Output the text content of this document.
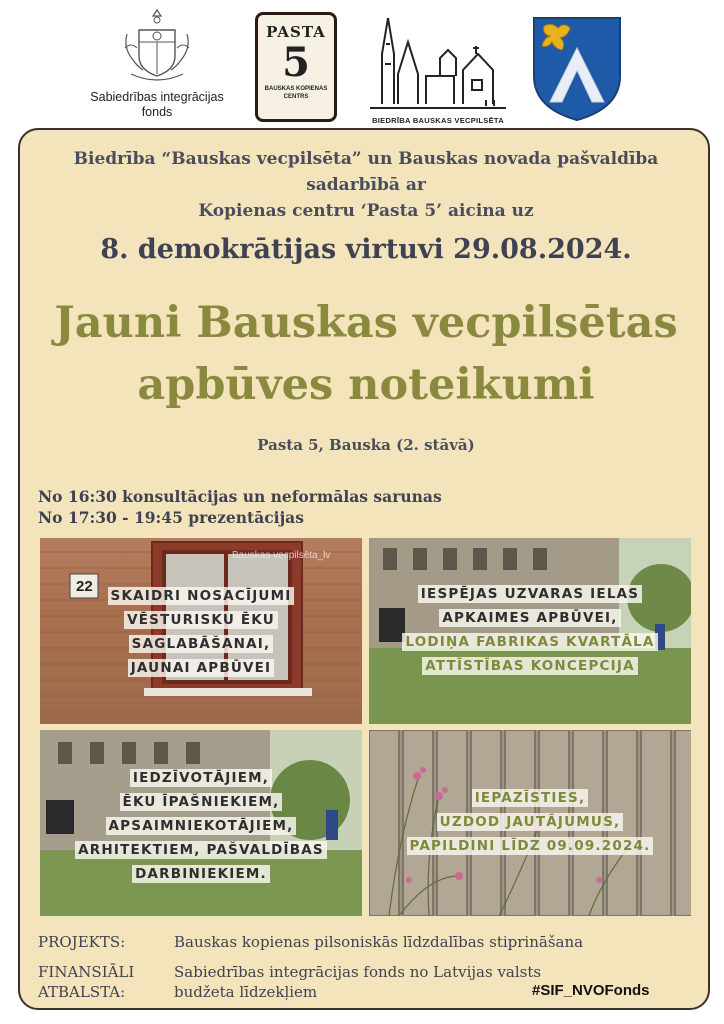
Sabiedrības integrācijas
fonds
PASTA
5
BAUSKAS KOPIENAS
CENTRS
BIEDRĪBA BAUSKAS VECPILSĒTA
Biedrība “Bauskas vecpilsēta” un Bauskas novada pašvaldība
sadarbībā ar
Kopienas centru ‘Pasta 5’ aicina uz
8. demokrātijas virtuvi 29.08.2024.
Jauni Bauskas vecpilsētas
apbūves noteikumi
Pasta 5, Bauska (2. stāvā)
No 16:30 konsultācijas un neformālas sarunas
No 17:30 - 19:45 prezentācijas
22
Bauskas vecpilsēta_lv
SKAIDRI NOSACĪJUMI
VĒSTURISKU ĒKU
SAGLABĀŠANAI,
JAUNAI APBŪVEI
IESPĒJAS UZVARAS IELAS
APKAIMES APBŪVEI,
LODIŅA FABRIKAS KVARTĀLA
ATTĪSTĪBAS KONCEPCIJA
IEDZĪVOTĀJIEM,
ĒKU ĪPAŠNIEKIEM,
APSAIMNIEKOTĀJIEM,
ARHITEKTIEM, PAŠVALDĪBAS
DARBINIEKIEM.
IEPAZĪSTIES,
UZDOD JAUTĀJUMUS,
PAPILDINI LĪDZ 09.09.2024.
PROJEKTS:	Bauskas kopienas pilsoniskās līdzdalības stiprināšana
FINANSIĀLI
ATBALSTA:
Sabiedrības integrācijas fonds no Latvijas valsts
budžeta līdzekļiem	#SIF_NVOFonds
